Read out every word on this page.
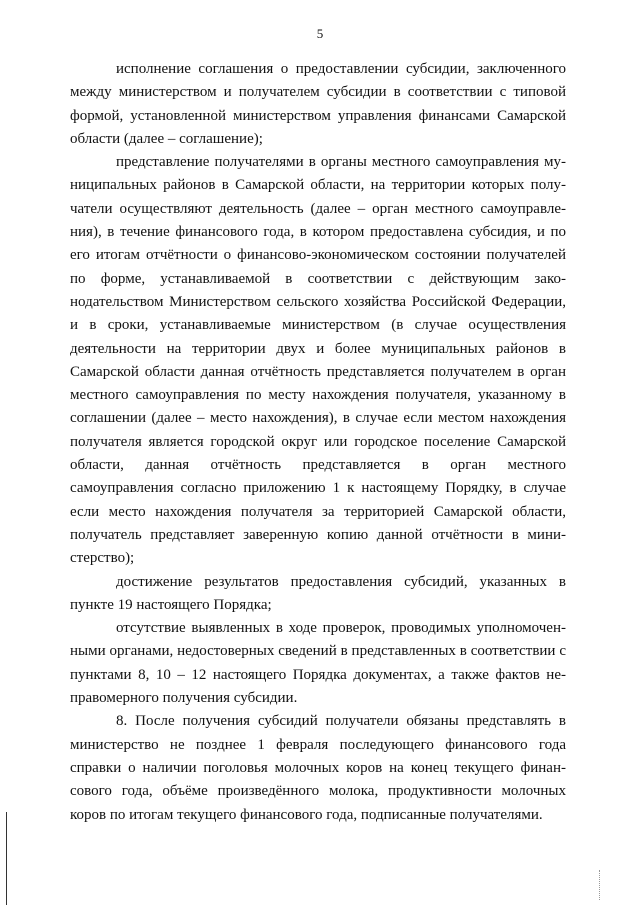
5

исполнение соглашения о предоставлении субсидии, заключенного между министерством и получателем субсидии в соответствии с типовой формой, установленной министерством управления финансами Самарской области (далее – соглашение);

представление получателями в органы местного самоуправления муниципальных районов в Самарской области, на территории которых получатели осуществляют деятельность (далее – орган местного самоуправления), в течение финансового года, в котором предоставлена субсидия, и по его итогам отчётности о финансово-экономическом состоянии получателей по форме, устанавливаемой в соответствии с действующим законодательством Министерством сельского хозяйства Российской Федерации, и в сроки, устанавливаемые министерством (в случае осуществления деятельности на территории двух и более муниципальных районов в Самарской области данная отчётность представляется получателем в орган местного самоуправления по месту нахождения получателя, указанному в соглашении (далее – место нахождения), в случае если местом нахождения получателя является городской округ или городское поселение Самарской области, данная отчётность представляется в орган местного самоуправления согласно приложению 1 к настоящему Порядку, в случае если место нахождения получателя за территорией Самарской области, получатель представляет заверенную копию данной отчётности в министерство);

достижение результатов предоставления субсидий, указанных в пункте 19 настоящего Порядка;

отсутствие выявленных в ходе проверок, проводимых уполномоченными органами, недостоверных сведений в представленных в соответствии с пунктами 8, 10 – 12 настоящего Порядка документах, а также фактов неправомерного получения субсидии.

8. После получения субсидий получатели обязаны представлять в министерство не позднее 1 февраля последующего финансового года справки о наличии поголовья молочных коров на конец текущего финансового года, объёме произведённого молока, продуктивности молочных коров по итогам текущего финансового года, подписанные получателями.
